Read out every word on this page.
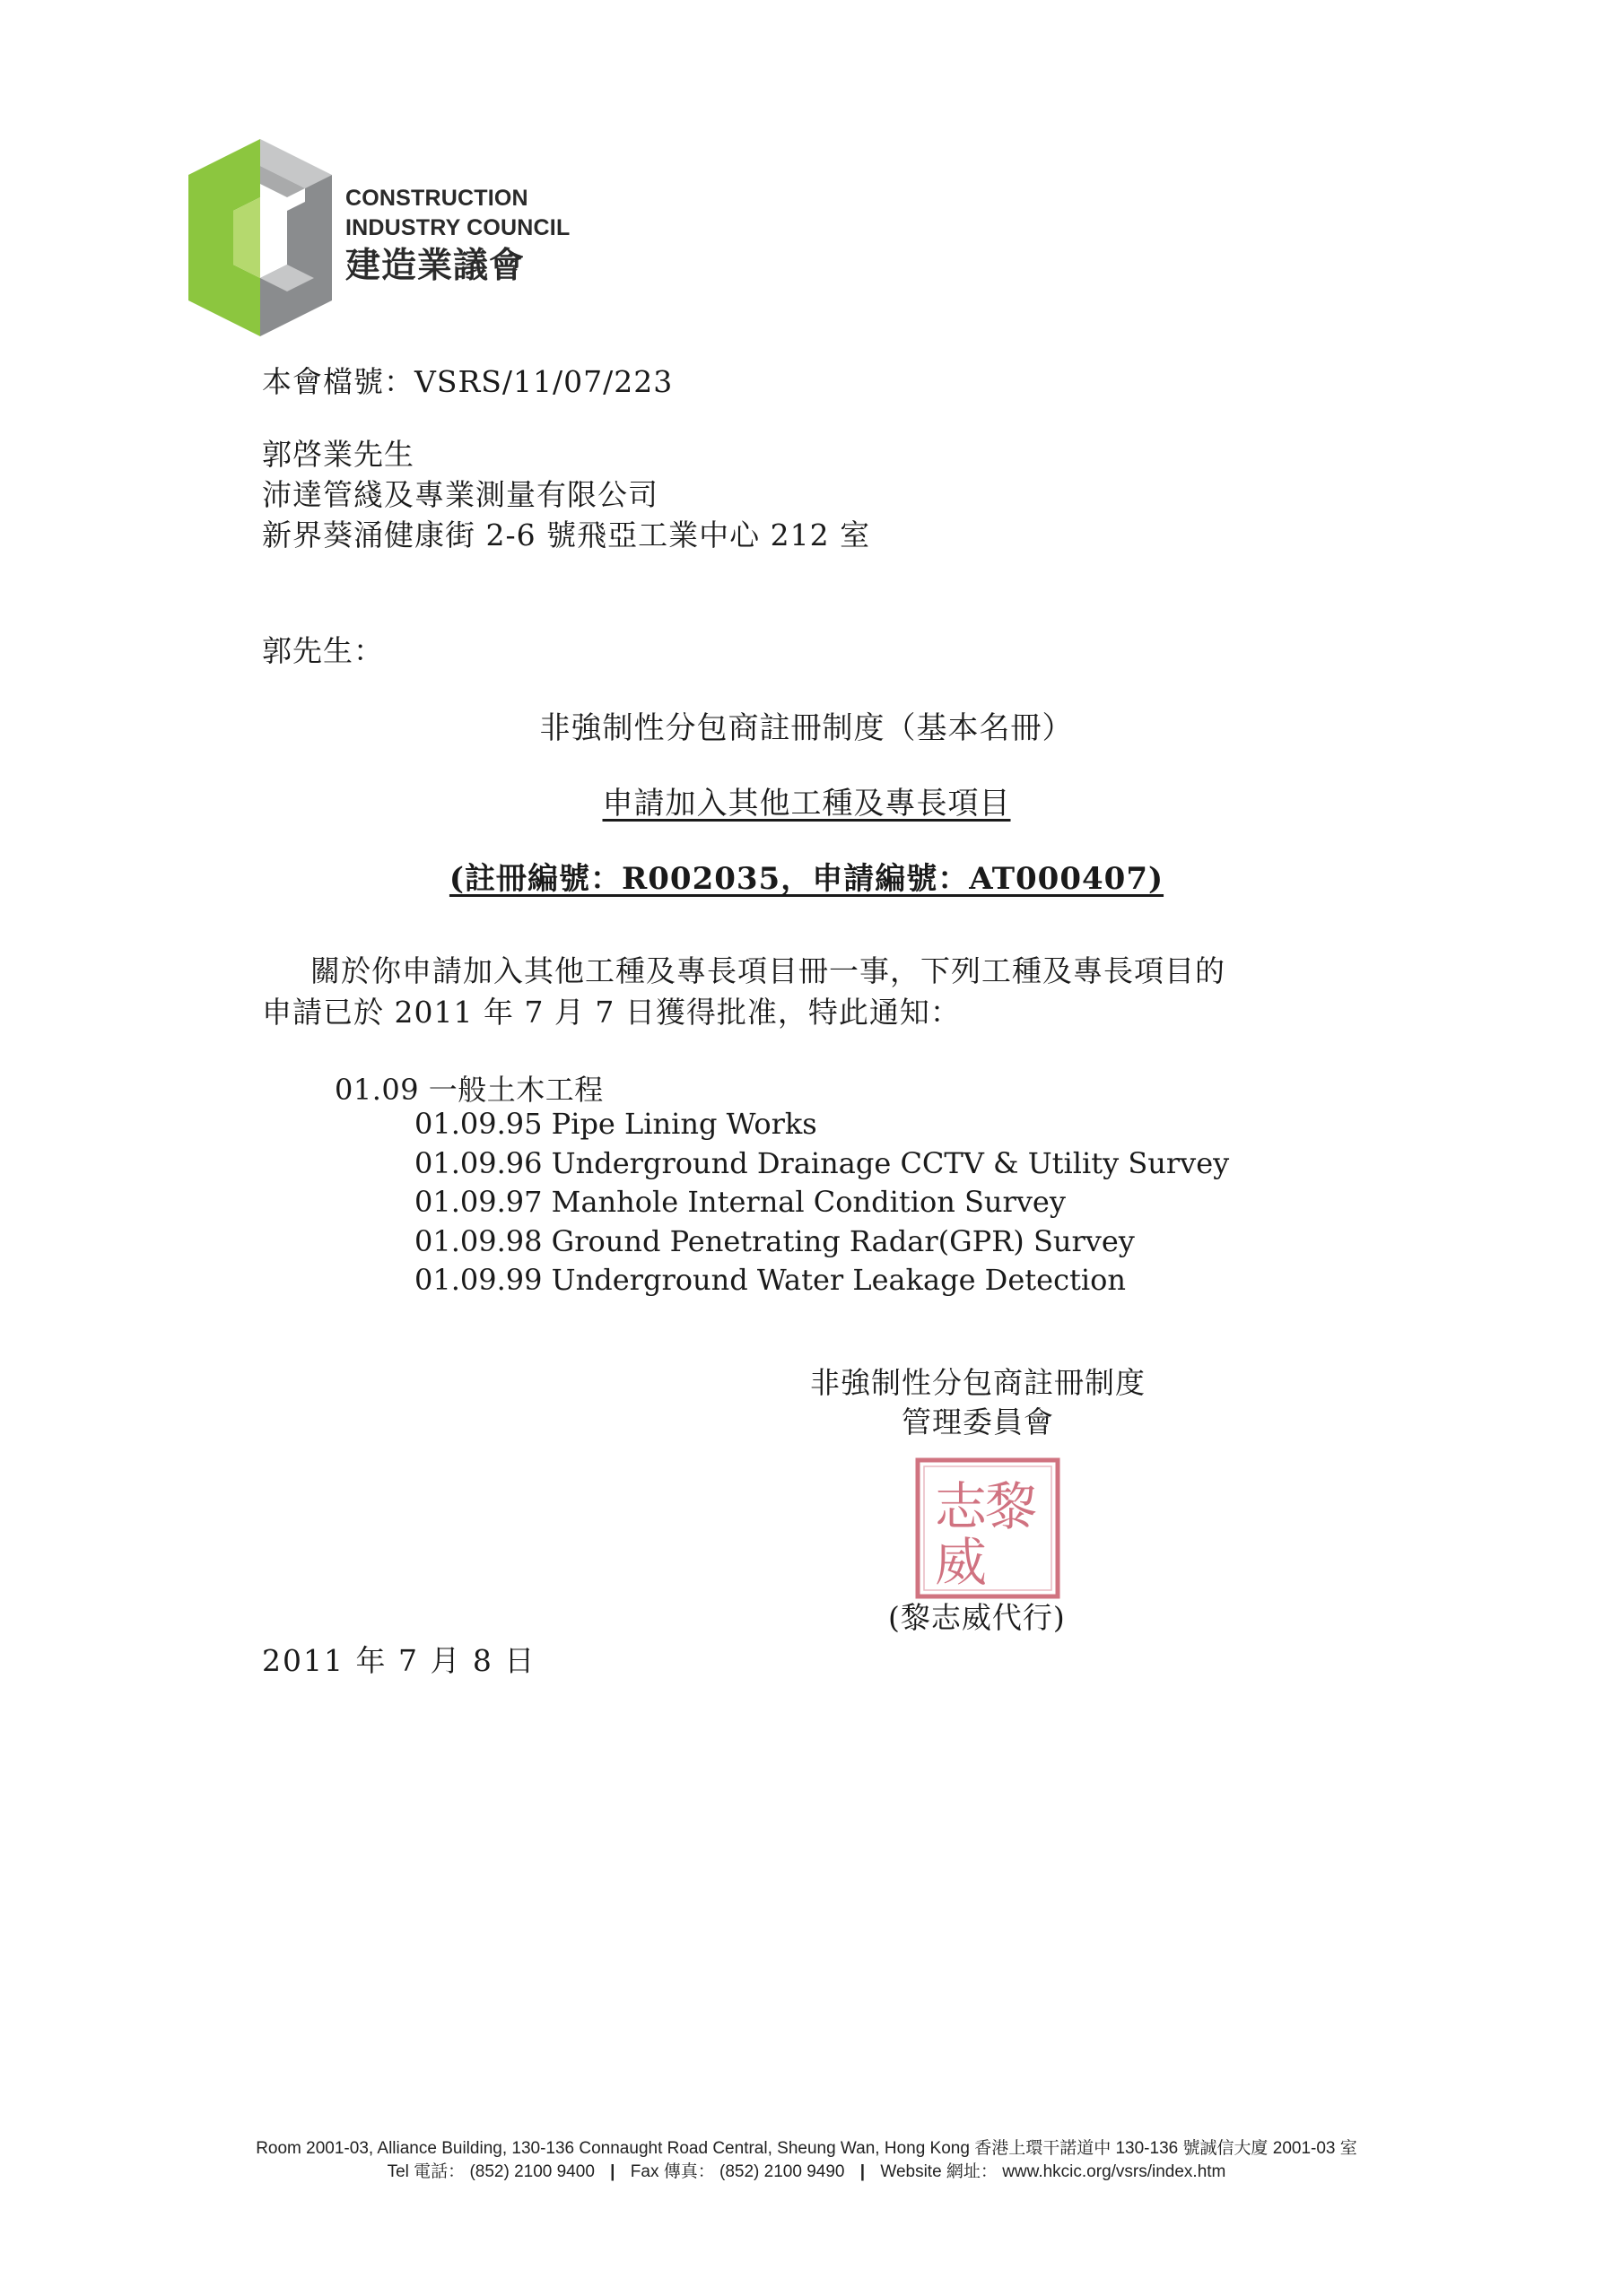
CONSTRUCTION
INDUSTRY COUNCIL
建造業議會
本會檔號：VSRS/11/07/223
郭啓業先生
沛達管綫及專業測量有限公司
新界葵涌健康街 2-6 號飛亞工業中心 212 室
郭先生：
非強制性分包商註冊制度（基本名冊）
申請加入其他工種及專長項目
(註冊編號：R002035，申請編號：AT000407)
關於你申請加入其他工種及專長項目冊一事，下列工種及專長項目的
申請已於 2011 年 7 月 7 日獲得批准，特此通知：
01.09 一般土木工程
01.09.95 Pipe Lining Works
01.09.96 Underground Drainage CCTV & Utility Survey
01.09.97 Manhole Internal Condition Survey
01.09.98 Ground Penetrating Radar(GPR) Survey
01.09.99 Underground Water Leakage Detection
非強制性分包商註冊制度
管理委員會
黎
志
威
(黎志威代行)
2011 年 7 月 8 日
Room 2001-03, Alliance Building, 130-136 Connaught Road Central, Sheung Wan, Hong Kong 香港上環干諾道中 130-136 號誠信大廈 2001-03 室
Tel 電話： (852) 2100 9400 | Fax 傳真： (852) 2100 9490 | Website 網址： www.hkcic.org/vsrs/index.htm
